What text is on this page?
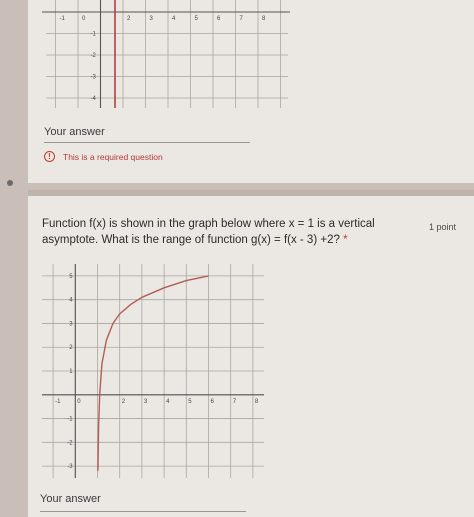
-1	0	2	3	4	5	6	7	8
-1
-2
-3
-4
Your answer
!	This is a required question
Function f(x) is shown in the graph below where x = 1 is a vertical asymptote. What is the range of function g(x) = f(x - 3) +2? *
1 point
-1	0	2	3	4	5	6	7	8
5
4
3
2
1
-1
-2
-3
Your answer
